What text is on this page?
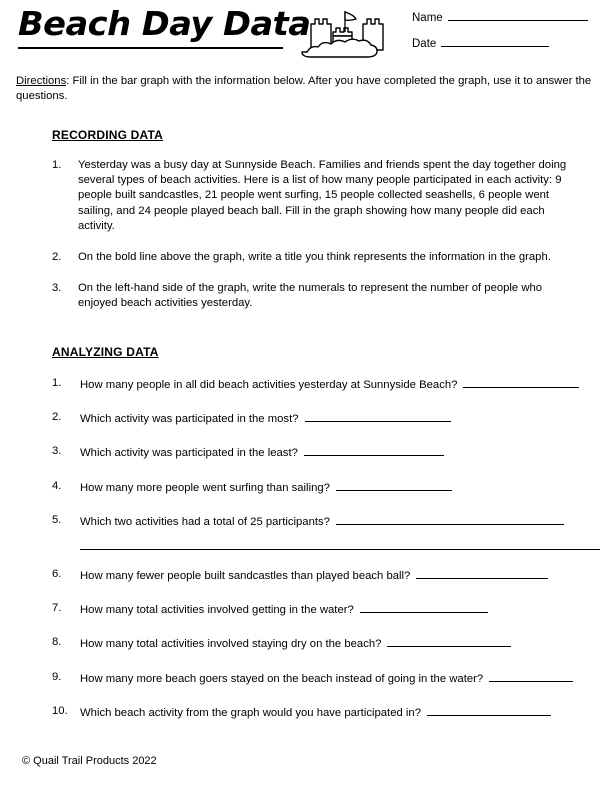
Beach Day Data	Name
Date
Directions: Fill in the bar graph with the information below. After you have completed the graph, use it to answer the questions.
RECORDING DATA
1.	Yesterday was a busy day at Sunnyside Beach. Families and friends spent the day together doing several types of beach activities. Here is a list of how many people participated in each activity: 9 people built sandcastles, 21 people went surfing, 15 people collected seashells, 6 people went sailing, and 24 people played beach ball. Fill in the graph showing how many people did each activity.
2.	On the bold line above the graph, write a title you think represents the information in the graph.
3.	On the left-hand side of the graph, write the numerals to represent the number of people who enjoyed beach activities yesterday.
ANALYZING DATA
1.	How many people in all did beach activities yesterday at Sunnyside Beach?
2.	Which activity was participated in the most?
3.	Which activity was participated in the least?
4.	How many more people went surfing than sailing?
5.	Which two activities had a total of 25 participants?
6.	How many fewer people built sandcastles than played beach ball?
7.	How many total activities involved getting in the water?
8.	How many total activities involved staying dry on the beach?
9.	How many more beach goers stayed on the beach instead of going in the water?
10.	Which beach activity from the graph would you have participated in?
© Quail Trail Products 2022
